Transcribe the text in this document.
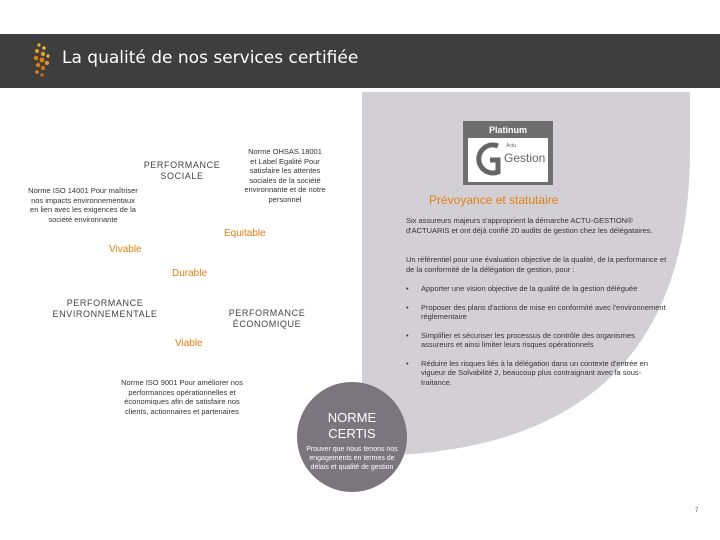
La qualité de nos services certifiée
PERFORMANCE SOCIALE
PERFORMANCE ENVIRONNEMENTALE	PERFORMANCE ÉCONOMIQUE
Norme OHSAS 18001 et Label Egalité Pour satisfaire les attentes sociales de la société environnante et de notre personnel
Norme ISO 14001 Pour maîtriser nos impacts environnementaux en lien avec les exigences de la société environnante
Norme ISO 9001 Pour améliorer nos performances opérationnelles et économiques afin de satisfaire nos clients, actionnaires et partenaires
Equitable
Vivable
Durable
Viable
Platinum
Actu
Gestion
Prévoyance et statutaire
Six assureurs majeurs s'approprient la démarche ACTU-GESTION® d'ACTUARIS et ont déjà confié 20 audits de gestion chez les délégataires.
Un référentiel pour une évaluation objective de la qualité, de la performance et de la conformité de la délégation de gestion, pour :
• Apporter une vision objective de la qualité de la gestion déléguée
• Proposer des plans d'actions de mise en conformité avec l'environnement réglementaire
• Simplifier et sécuriser les processus de contrôle des organismes assureurs et ainsi limiter leurs risques opérationnels
• Réduire les risques liés à la délégation dans un contexte d'entrée en vigueur de Solvabilité 2, beaucoup plus contraignant avec la sous-traitance.
NORME
CERTIS
Prouver que nous tenons nos engagements en termes de délais et qualité de gestion
7
